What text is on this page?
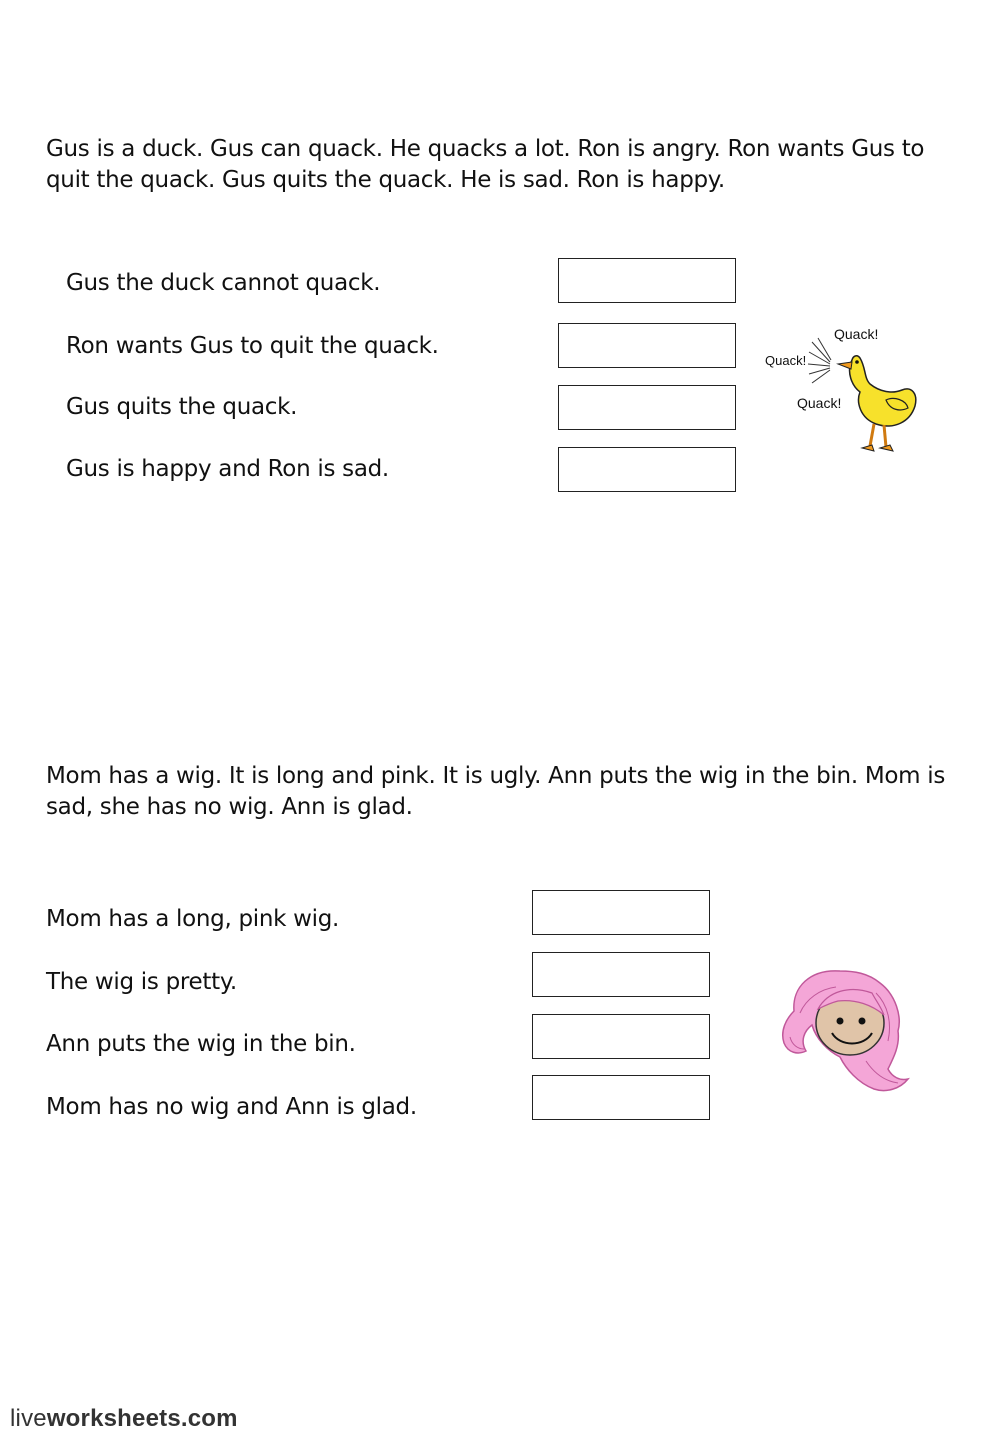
Gus is a duck. Gus can quack. He quacks a lot. Ron is angry. Ron wants Gus to quit the quack. Gus quits the quack. He is sad. Ron is happy.

Gus the duck cannot quack.
Ron wants Gus to quit the quack.
Gus quits the quack.
Gus is happy and Ron is sad.
Quack!
Quack!
Quack!

Mom has a wig. It is long and pink. It is ugly. Ann puts the wig in the bin. Mom is sad, she has no wig. Ann is glad.

Mom has a long, pink wig.
The wig is pretty.
Ann puts the wig in the bin.
Mom has no wig and Ann is glad.
liveworksheets.com
